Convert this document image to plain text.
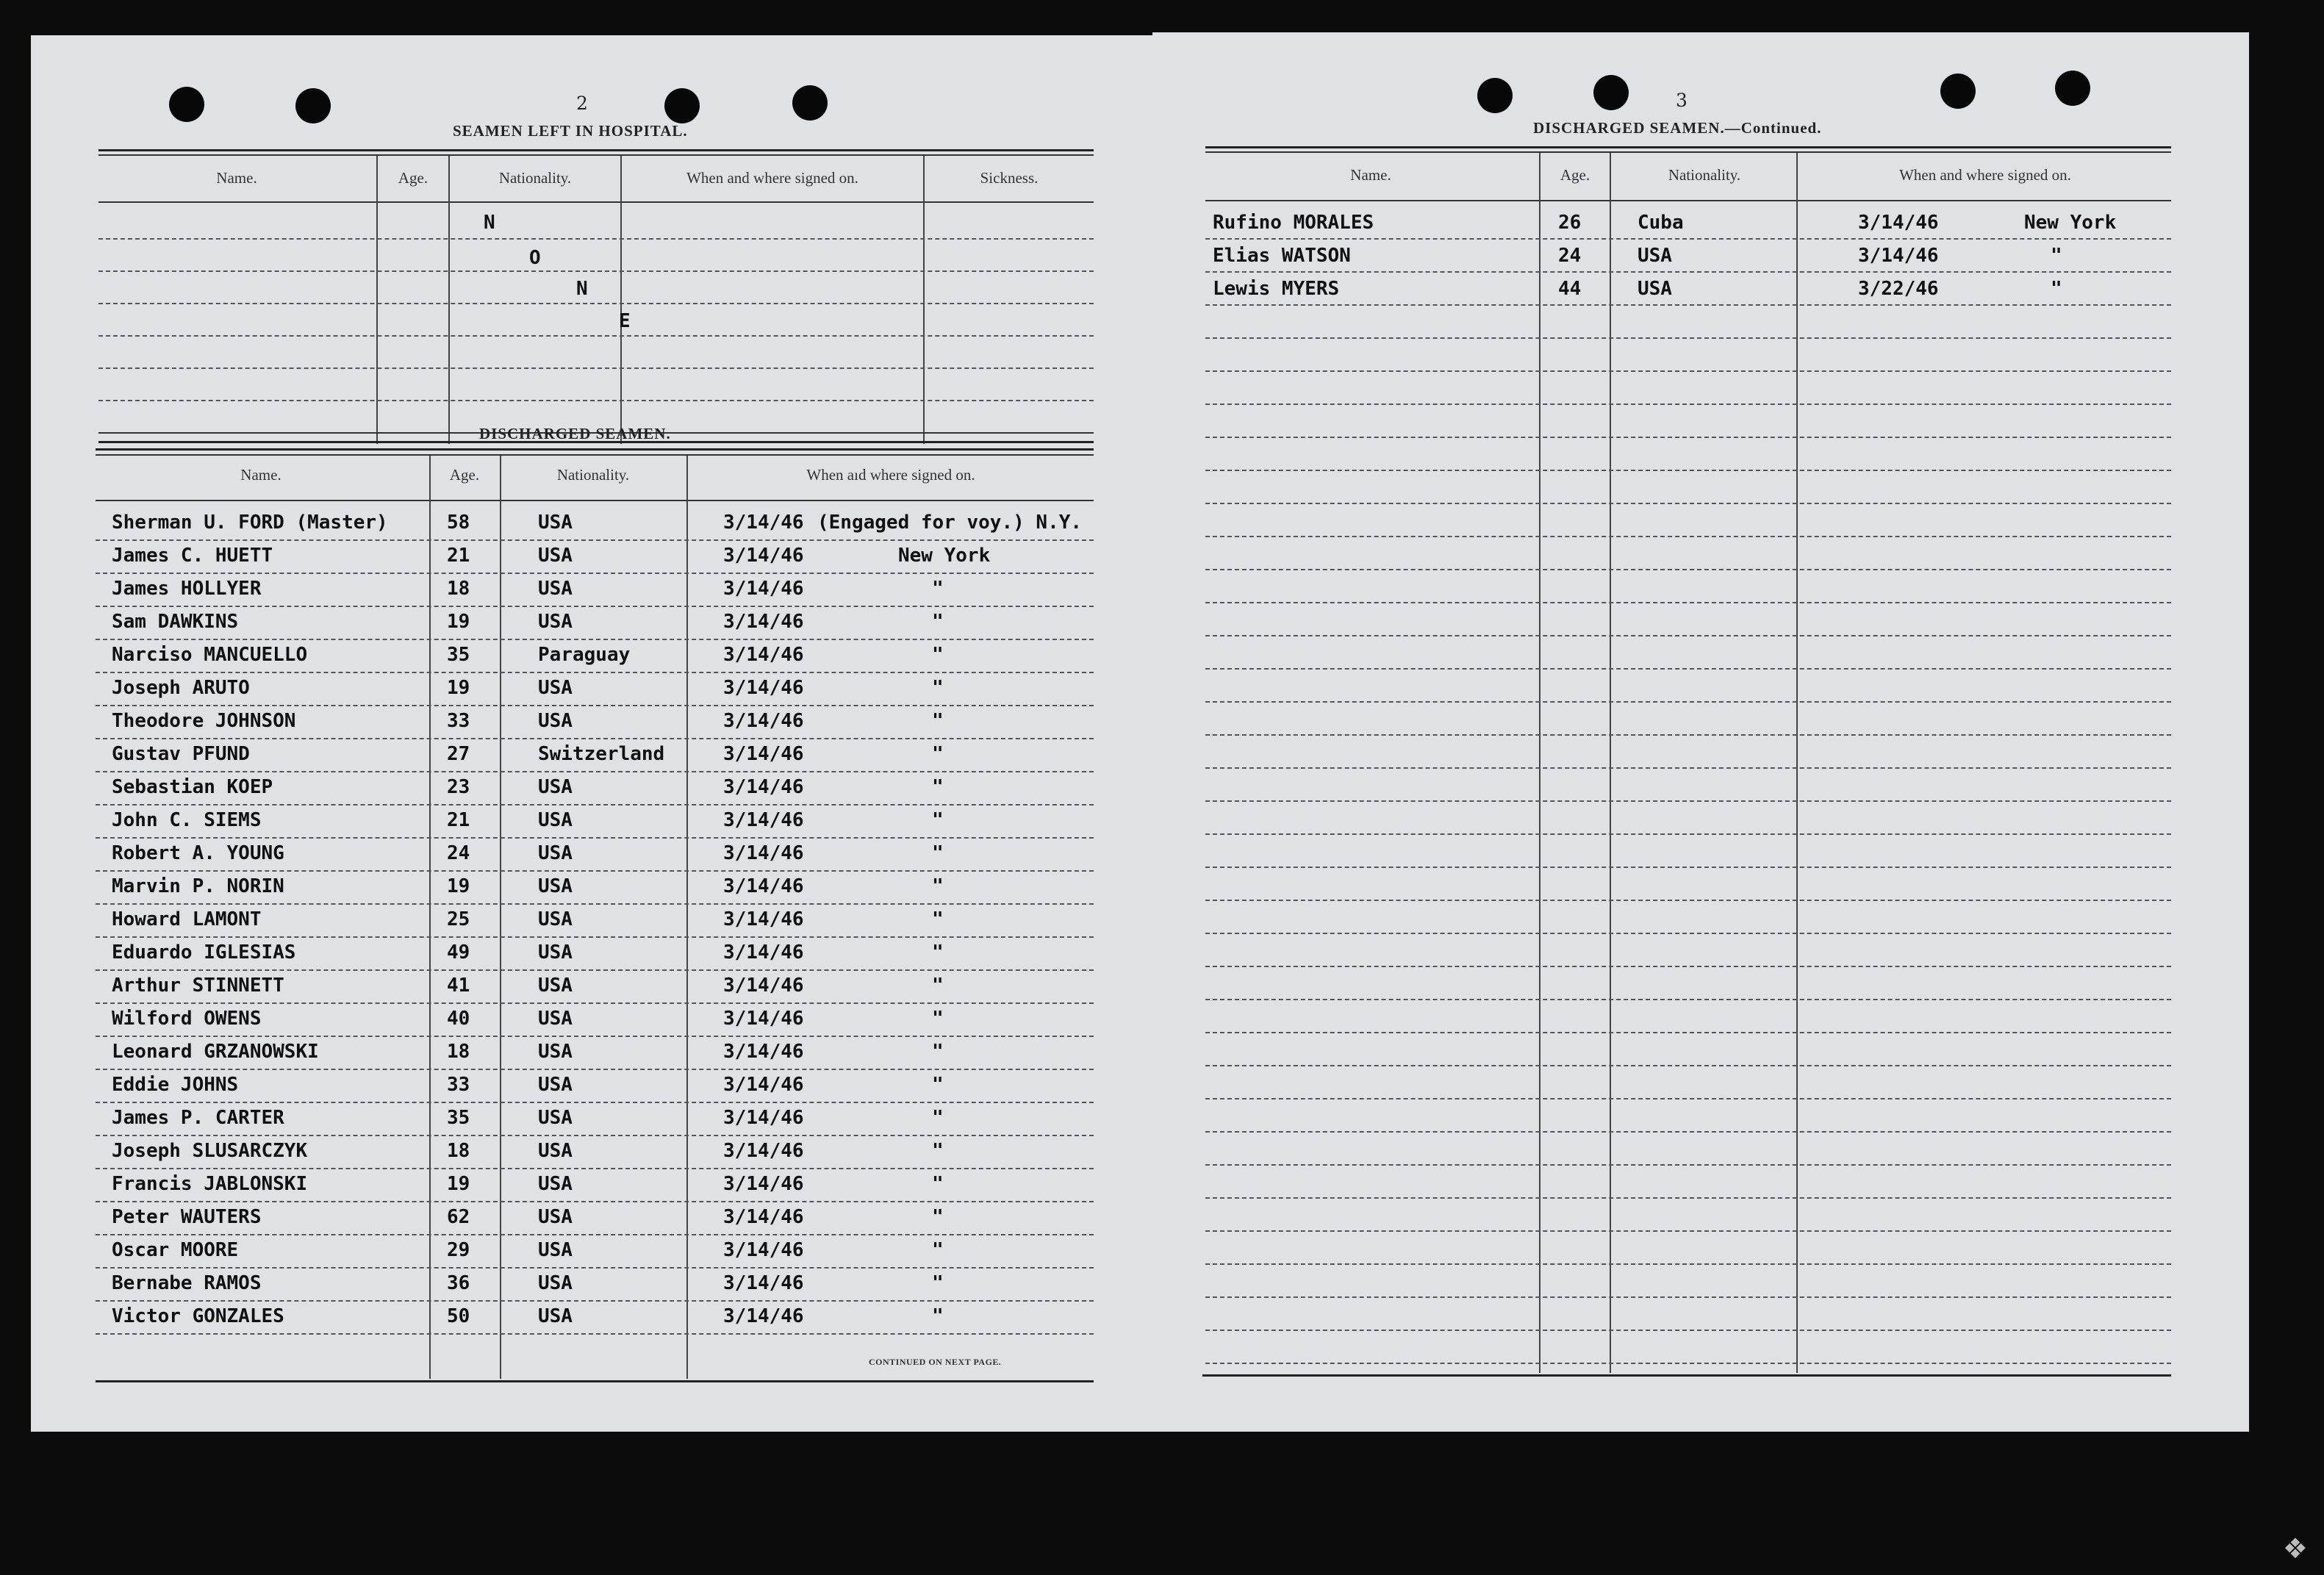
2
SEAMEN LEFT IN HOSPITAL.
Name.	Age.	Nationality.	When and where signed on.	Sickness.
N
O
N
E
DISCHARGED SEAMEN.
Name.	Age.	Nationality.	When aıd where signed on.
Sherman U. FORD (Master)	58	USA	3/14/46 (Engaged for voy.) N.Y.
James C. HUETT	21	USA	3/14/46	New York
James HOLLYER	18	USA	3/14/46	"
Sam DAWKINS	19	USA	3/14/46	"
Narciso MANCUELLO	35	Paraguay	3/14/46	"
Joseph ARUTO	19	USA	3/14/46	"
Theodore JOHNSON	33	USA	3/14/46	"
Gustav PFUND	27	Switzerland	3/14/46	"
Sebastian KOEP	23	USA	3/14/46	"
John C. SIEMS	21	USA	3/14/46	"
Robert A. YOUNG	24	USA	3/14/46	"
Marvin P. NORIN	19	USA	3/14/46	"
Howard LAMONT	25	USA	3/14/46	"
Eduardo IGLESIAS	49	USA	3/14/46	"
Arthur STINNETT	41	USA	3/14/46	"
Wilford OWENS	40	USA	3/14/46	"
Leonard GRZANOWSKI	18	USA	3/14/46	"
Eddie JOHNS	33	USA	3/14/46	"
James P. CARTER	35	USA	3/14/46	"
Joseph SLUSARCZYK	18	USA	3/14/46	"
Francis JABLONSKI	19	USA	3/14/46	"
Peter WAUTERS	62	USA	3/14/46	"
Oscar MOORE	29	USA	3/14/46	"
Bernabe RAMOS	36	USA	3/14/46	"
Victor GONZALES	50	USA	3/14/46	"
CONTINUED ON NEXT PAGE.
3
DISCHARGED SEAMEN.—Continued.
Name.	Age.	Nationality.	When and where signed on.
Rufino MORALES	26	Cuba	3/14/46	New York
Elias WATSON	24	USA	3/14/46	"
Lewis MYERS	44	USA	3/22/46	"
❖
